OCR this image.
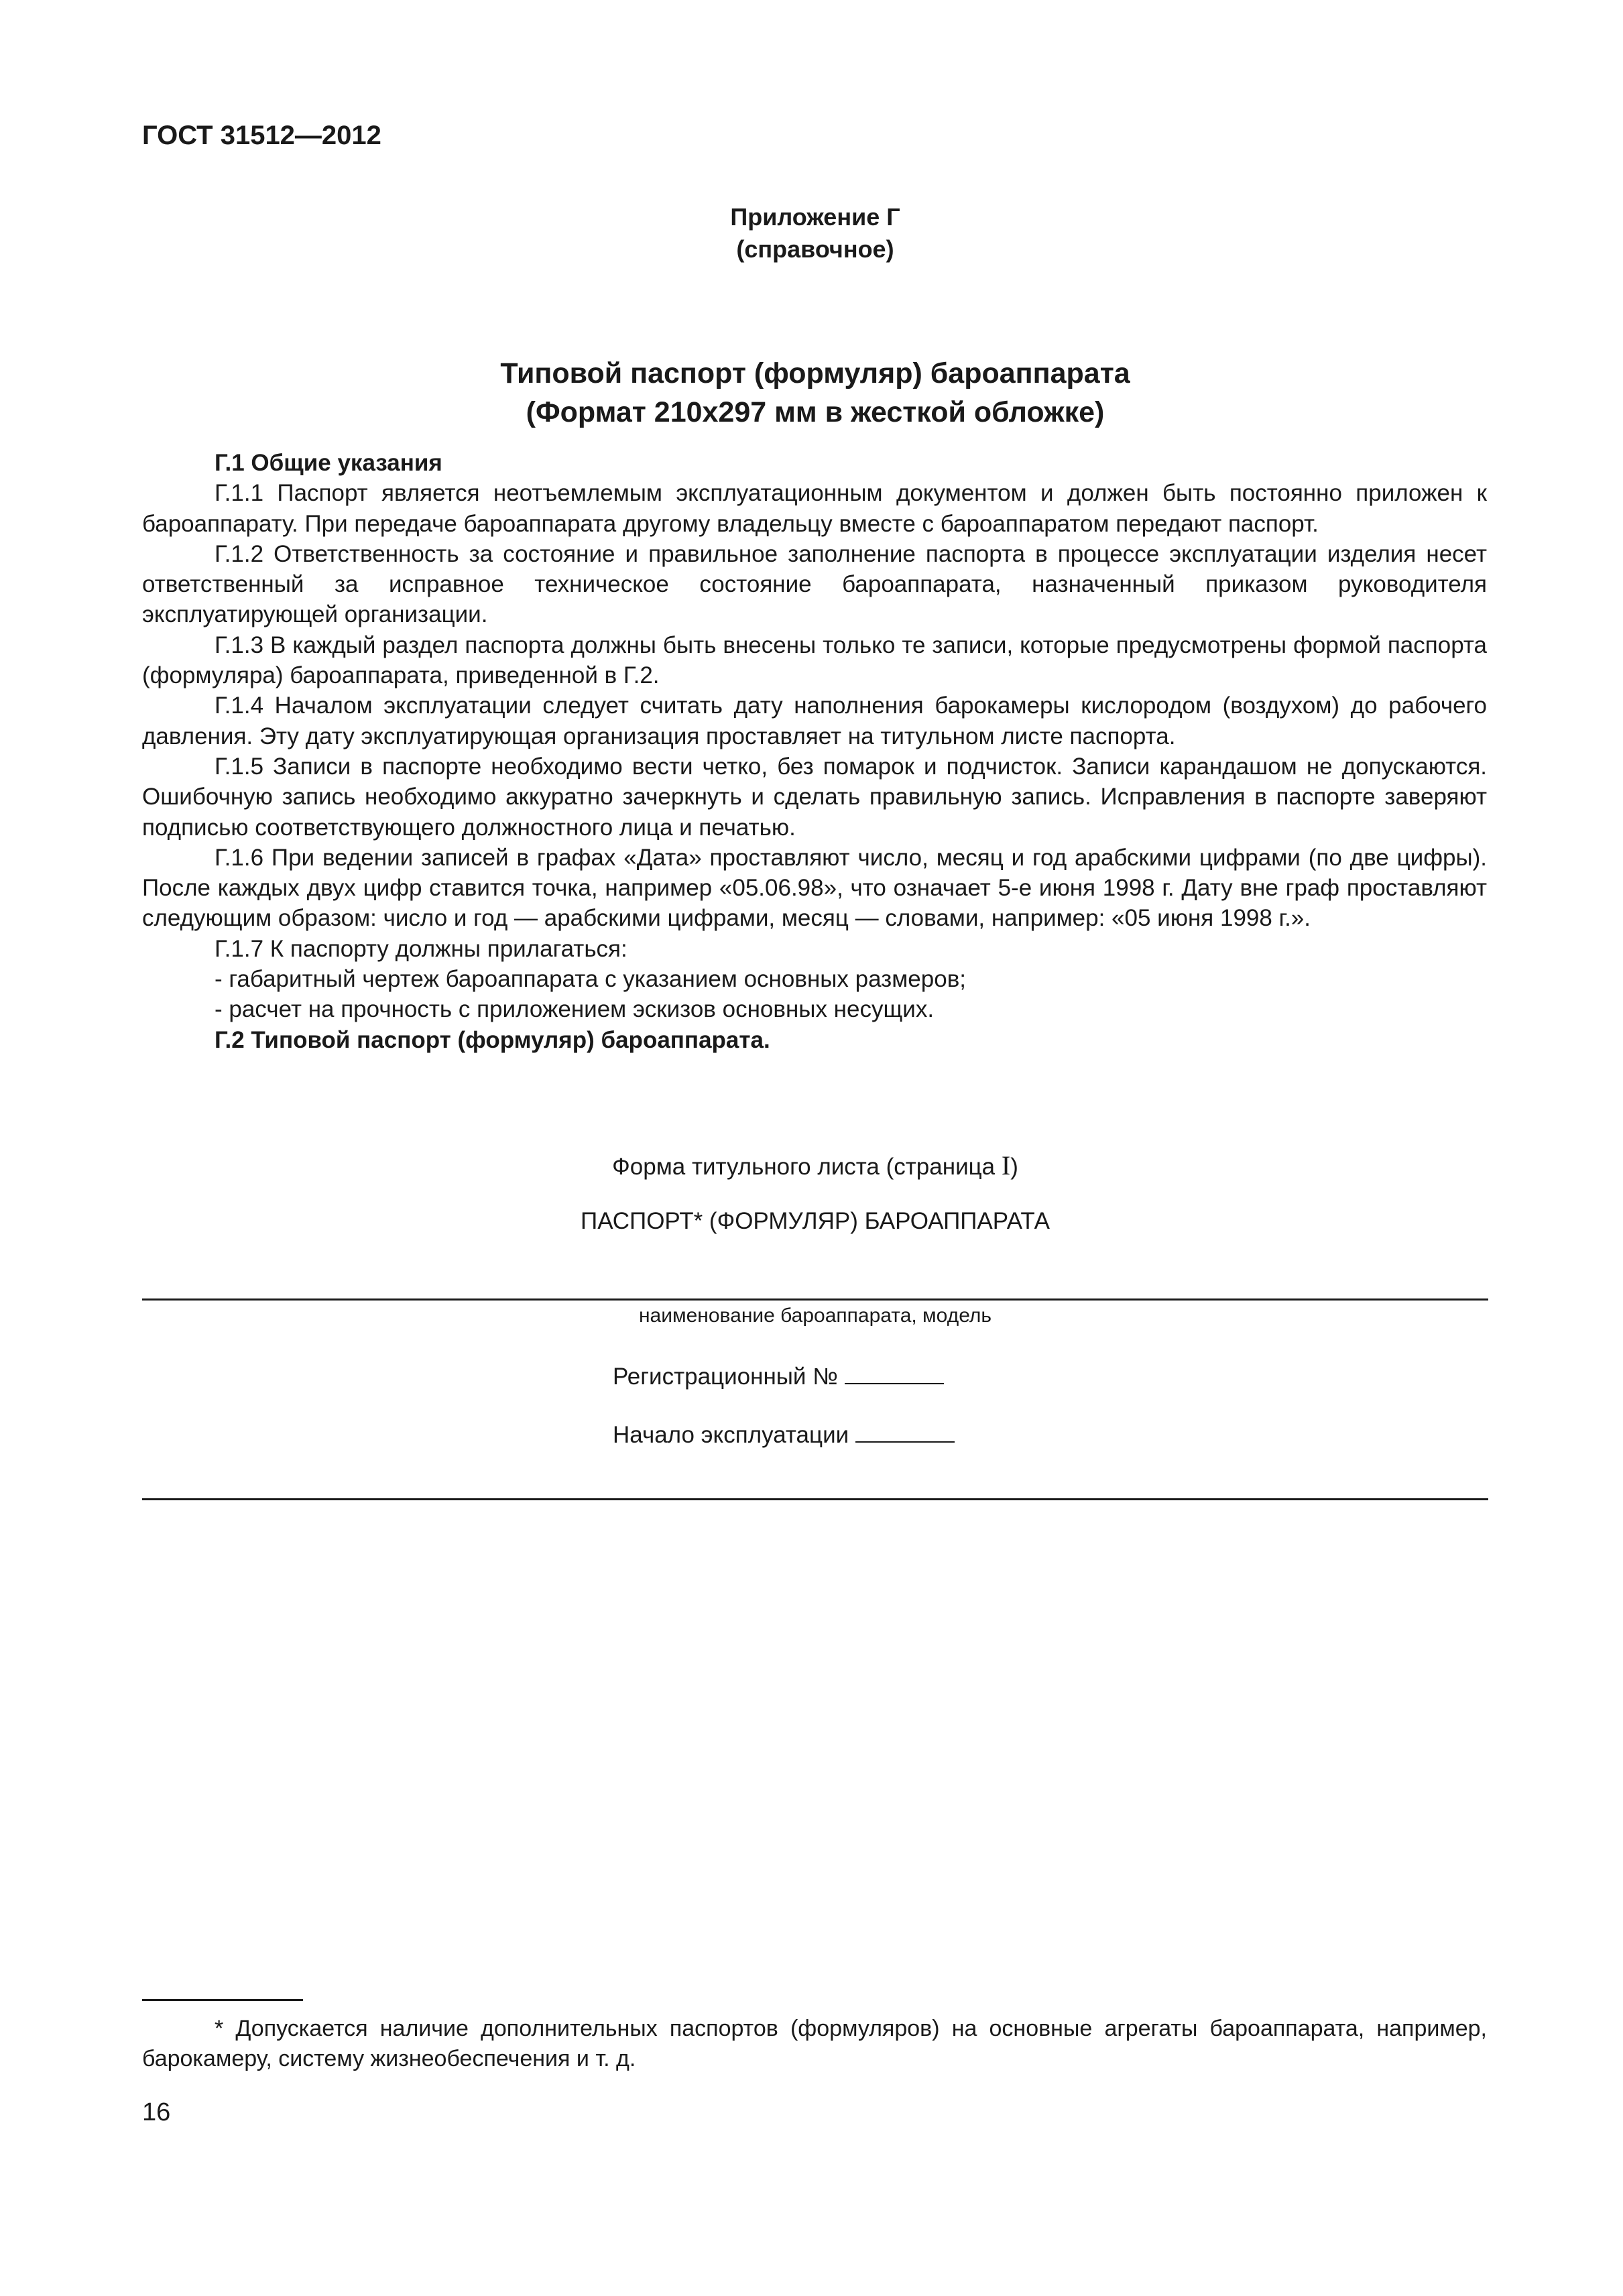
ГОСТ 31512—2012
Приложение Г
(справочное)
Типовой паспорт (формуляр) бароаппарата
(Формат 210х297 мм в жесткой обложке)

Г.1 Общие указания

Г.1.1 Паспорт является неотъемлемым эксплуатационным документом и должен быть постоянно приложен к бароаппарату. При передаче бароаппарата другому владельцу вместе с бароаппаратом передают паспорт.

Г.1.2 Ответственность за состояние и правильное заполнение паспорта в процессе эксплуатации изделия несет ответственный за исправное техническое состояние бароаппарата, назначенный приказом руководителя эксплуатирующей организации.

Г.1.3 В каждый раздел паспорта должны быть внесены только те записи, которые предусмотрены формой паспорта (формуляра) бароаппарата, приведенной в Г.2.

Г.1.4 Началом эксплуатации следует считать дату наполнения барокамеры кислородом (воздухом) до рабочего давления. Эту дату эксплуатирующая организация проставляет на титульном листе паспорта.

Г.1.5 Записи в паспорте необходимо вести четко, без помарок и подчисток. Записи карандашом не допускаются. Ошибочную запись необходимо аккуратно зачеркнуть и сделать правильную запись. Исправления в паспорте заверяют подписью соответствующего должностного лица и печатью.

Г.1.6 При ведении записей в графах «Дата» проставляют число, месяц и год арабскими цифрами (по две цифры). После каждых двух цифр ставится точка, например «05.06.98», что означает 5-е июня 1998 г. Дату вне граф проставляют следующим образом: число и год — арабскими цифрами, месяц — словами, например: «05 июня 1998 г.».

Г.1.7 К паспорту должны прилагаться:

- габаритный чертеж бароаппарата с указанием основных размеров;

- расчет на прочность с приложением эскизов основных несущих.

Г.2 Типовой паспорт (формуляр) бароаппарата.

Форма титульного листа (страница I)
ПАСПОРТ* (ФОРМУЛЯР) БАРОАППАРАТА
наименование бароаппарата, модель
Регистрационный №
Начало эксплуатации

* Допускается наличие дополнительных паспортов (формуляров) на основные агрегаты бароаппарата, например, барокамеру, систему жизнеобеспечения и т. д.

16
